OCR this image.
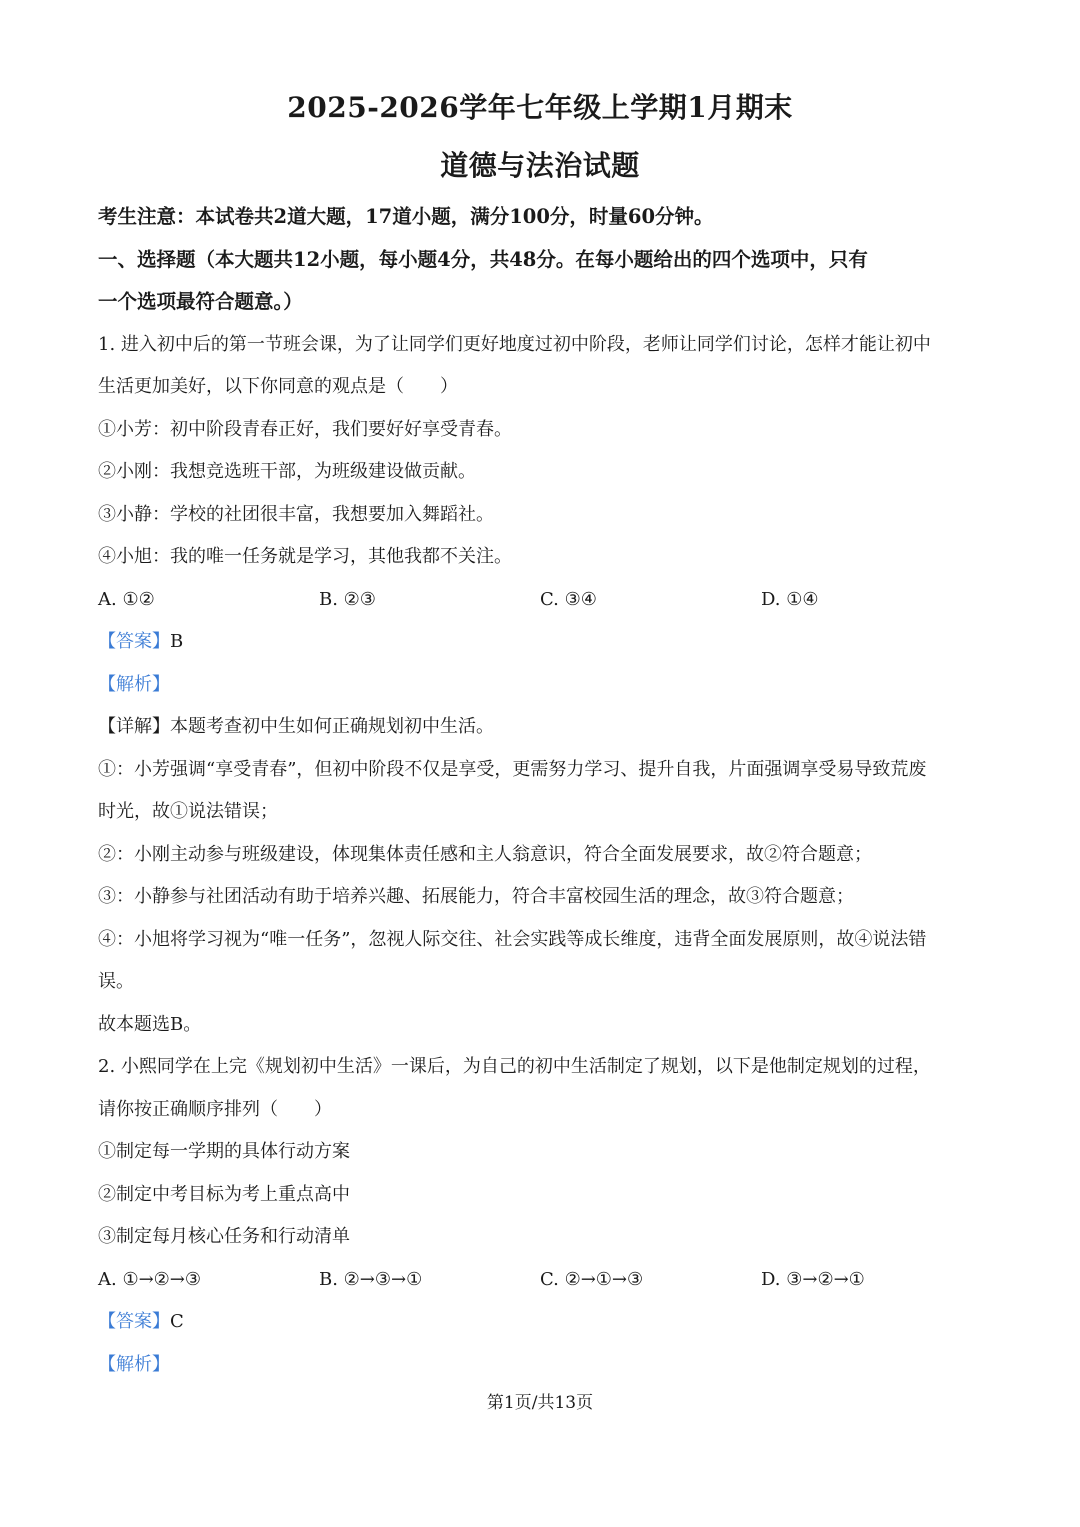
2025-2026学年七年级上学期1月期末
道德与法治试题
考生注意：本试卷共2道大题，17道小题，满分100分，时量60分钟。
一、选择题（本大题共12小题，每小题4分，共48分。在每小题给出的四个选项中，只有
一个选项最符合题意。）
1. 进入初中后的第一节班会课，为了让同学们更好地度过初中阶段，老师让同学们讨论，怎样才能让初中
生活更加美好，以下你同意的观点是（　　）
①小芳：初中阶段青春正好，我们要好好享受青春。
②小刚：我想竞选班干部，为班级建设做贡献。
③小静：学校的社团很丰富，我想要加入舞蹈社。
④小旭：我的唯一任务就是学习，其他我都不关注。
A. ①②	B. ②③	C. ③④	D. ①④
【答案】B
【解析】
【详解】本题考查初中生如何正确规划初中生活。
①：小芳强调“享受青春”，但初中阶段不仅是享受，更需努力学习、提升自我，片面强调享受易导致荒废
时光，故①说法错误；
②：小刚主动参与班级建设，体现集体责任感和主人翁意识，符合全面发展要求，故②符合题意；
③：小静参与社团活动有助于培养兴趣、拓展能力，符合丰富校园生活的理念，故③符合题意；
④：小旭将学习视为“唯一任务”，忽视人际交往、社会实践等成长维度，违背全面发展原则，故④说法错
误。
故本题选B。
2. 小熙同学在上完《规划初中生活》一课后，为自己的初中生活制定了规划，以下是他制定规划的过程，
请你按正确顺序排列（　　）
①制定每一学期的具体行动方案
②制定中考目标为考上重点高中
③制定每月核心任务和行动清单
A. ①→②→③	B. ②→③→①	C. ②→①→③	D. ③→②→①
【答案】C
【解析】
第1页/共13页
